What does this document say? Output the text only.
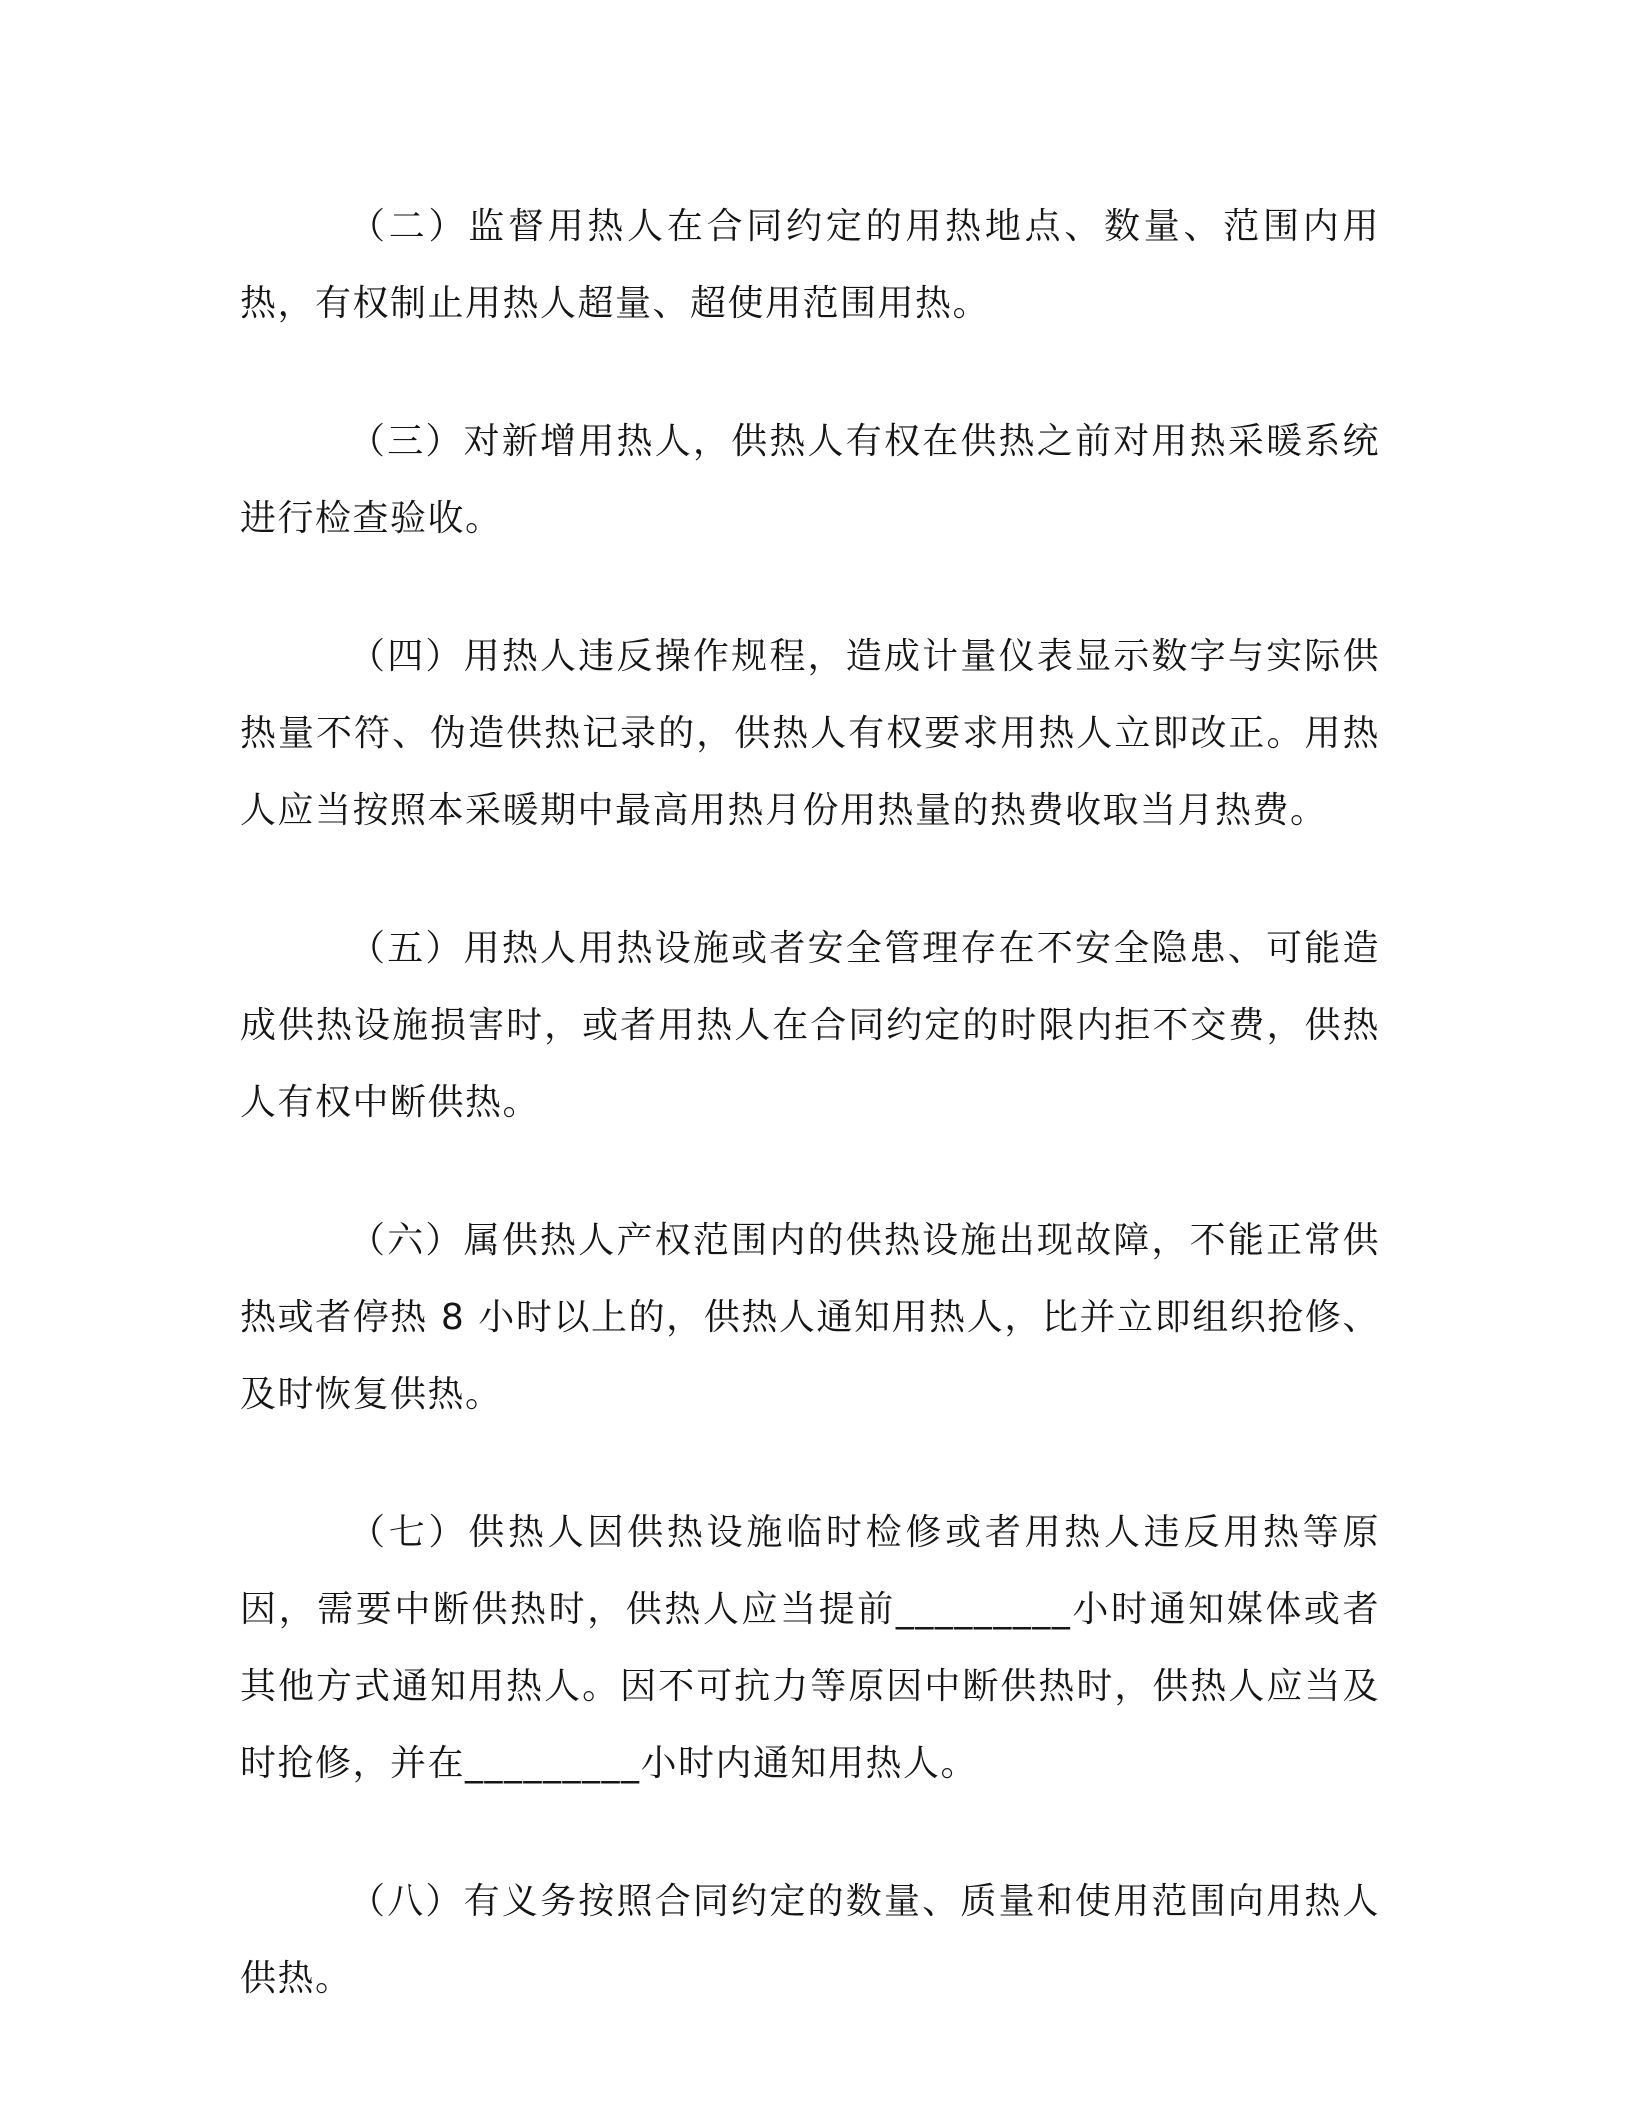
（二）监督用热人在合同约定的用热地点、数量、范围内用热，有权制止用热人超量、超使用范围用热。

（三）对新增用热人，供热人有权在供热之前对用热采暖系统进行检查验收。

（四）用热人违反操作规程，造成计量仪表显示数字与实际供热量不符、伪造供热记录的，供热人有权要求用热人立即改正。用热人应当按照本采暖期中最高用热月份用热量的热费收取当月热费。

（五）用热人用热设施或者安全管理存在不安全隐患、可能造成供热设施损害时，或者用热人在合同约定的时限内拒不交费，供热人有权中断供热。

（六）属供热人产权范围内的供热设施出现故障，不能正常供热或者停热 8 小时以上的，供热人通知用热人，比并立即组织抢修、及时恢复供热。

（七）供热人因供热设施临时检修或者用热人违反用热等原因，需要中断供热时，供热人应当提前_________小时通知媒体或者其他方式通知用热人。因不可抗力等原因中断供热时，供热人应当及时抢修，并在_________小时内通知用热人。

（八）有义务按照合同约定的数量、质量和使用范围向用热人供热。
